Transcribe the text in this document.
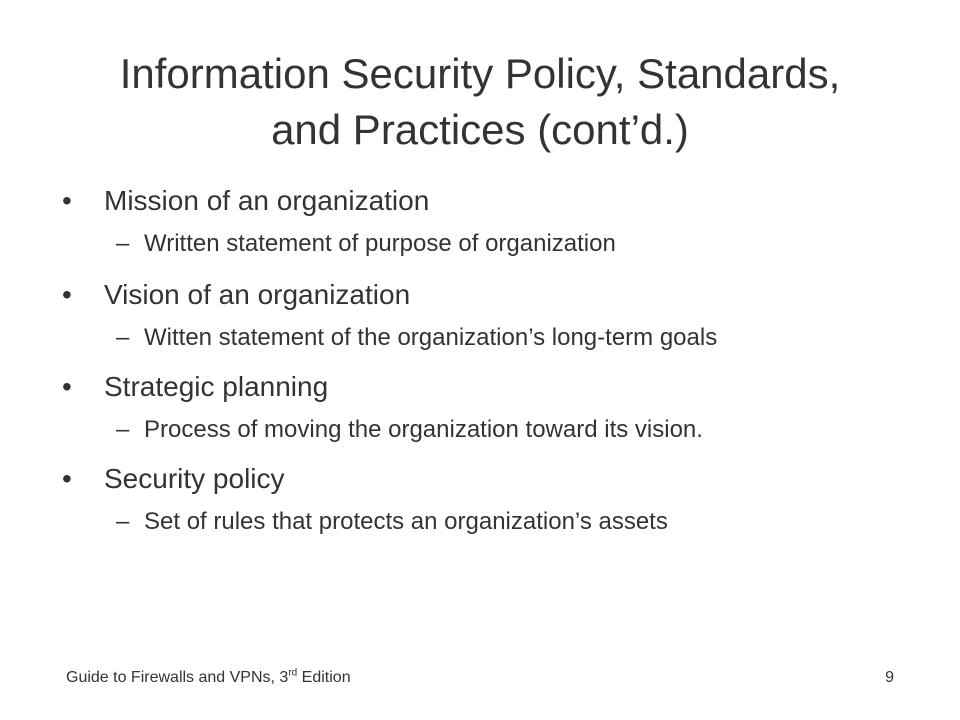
Information Security Policy, Standards,
and Practices (cont’d.)

• Mission of an organization

– Written statement of purpose of organization

• Vision of an organization

– Witten statement of the organization’s long-term goals

• Strategic planning

– Process of moving the organization toward its vision.

• Security policy

– Set of rules that protects an organization’s assets

Guide to Firewalls and VPNs, 3rd Edition	9
